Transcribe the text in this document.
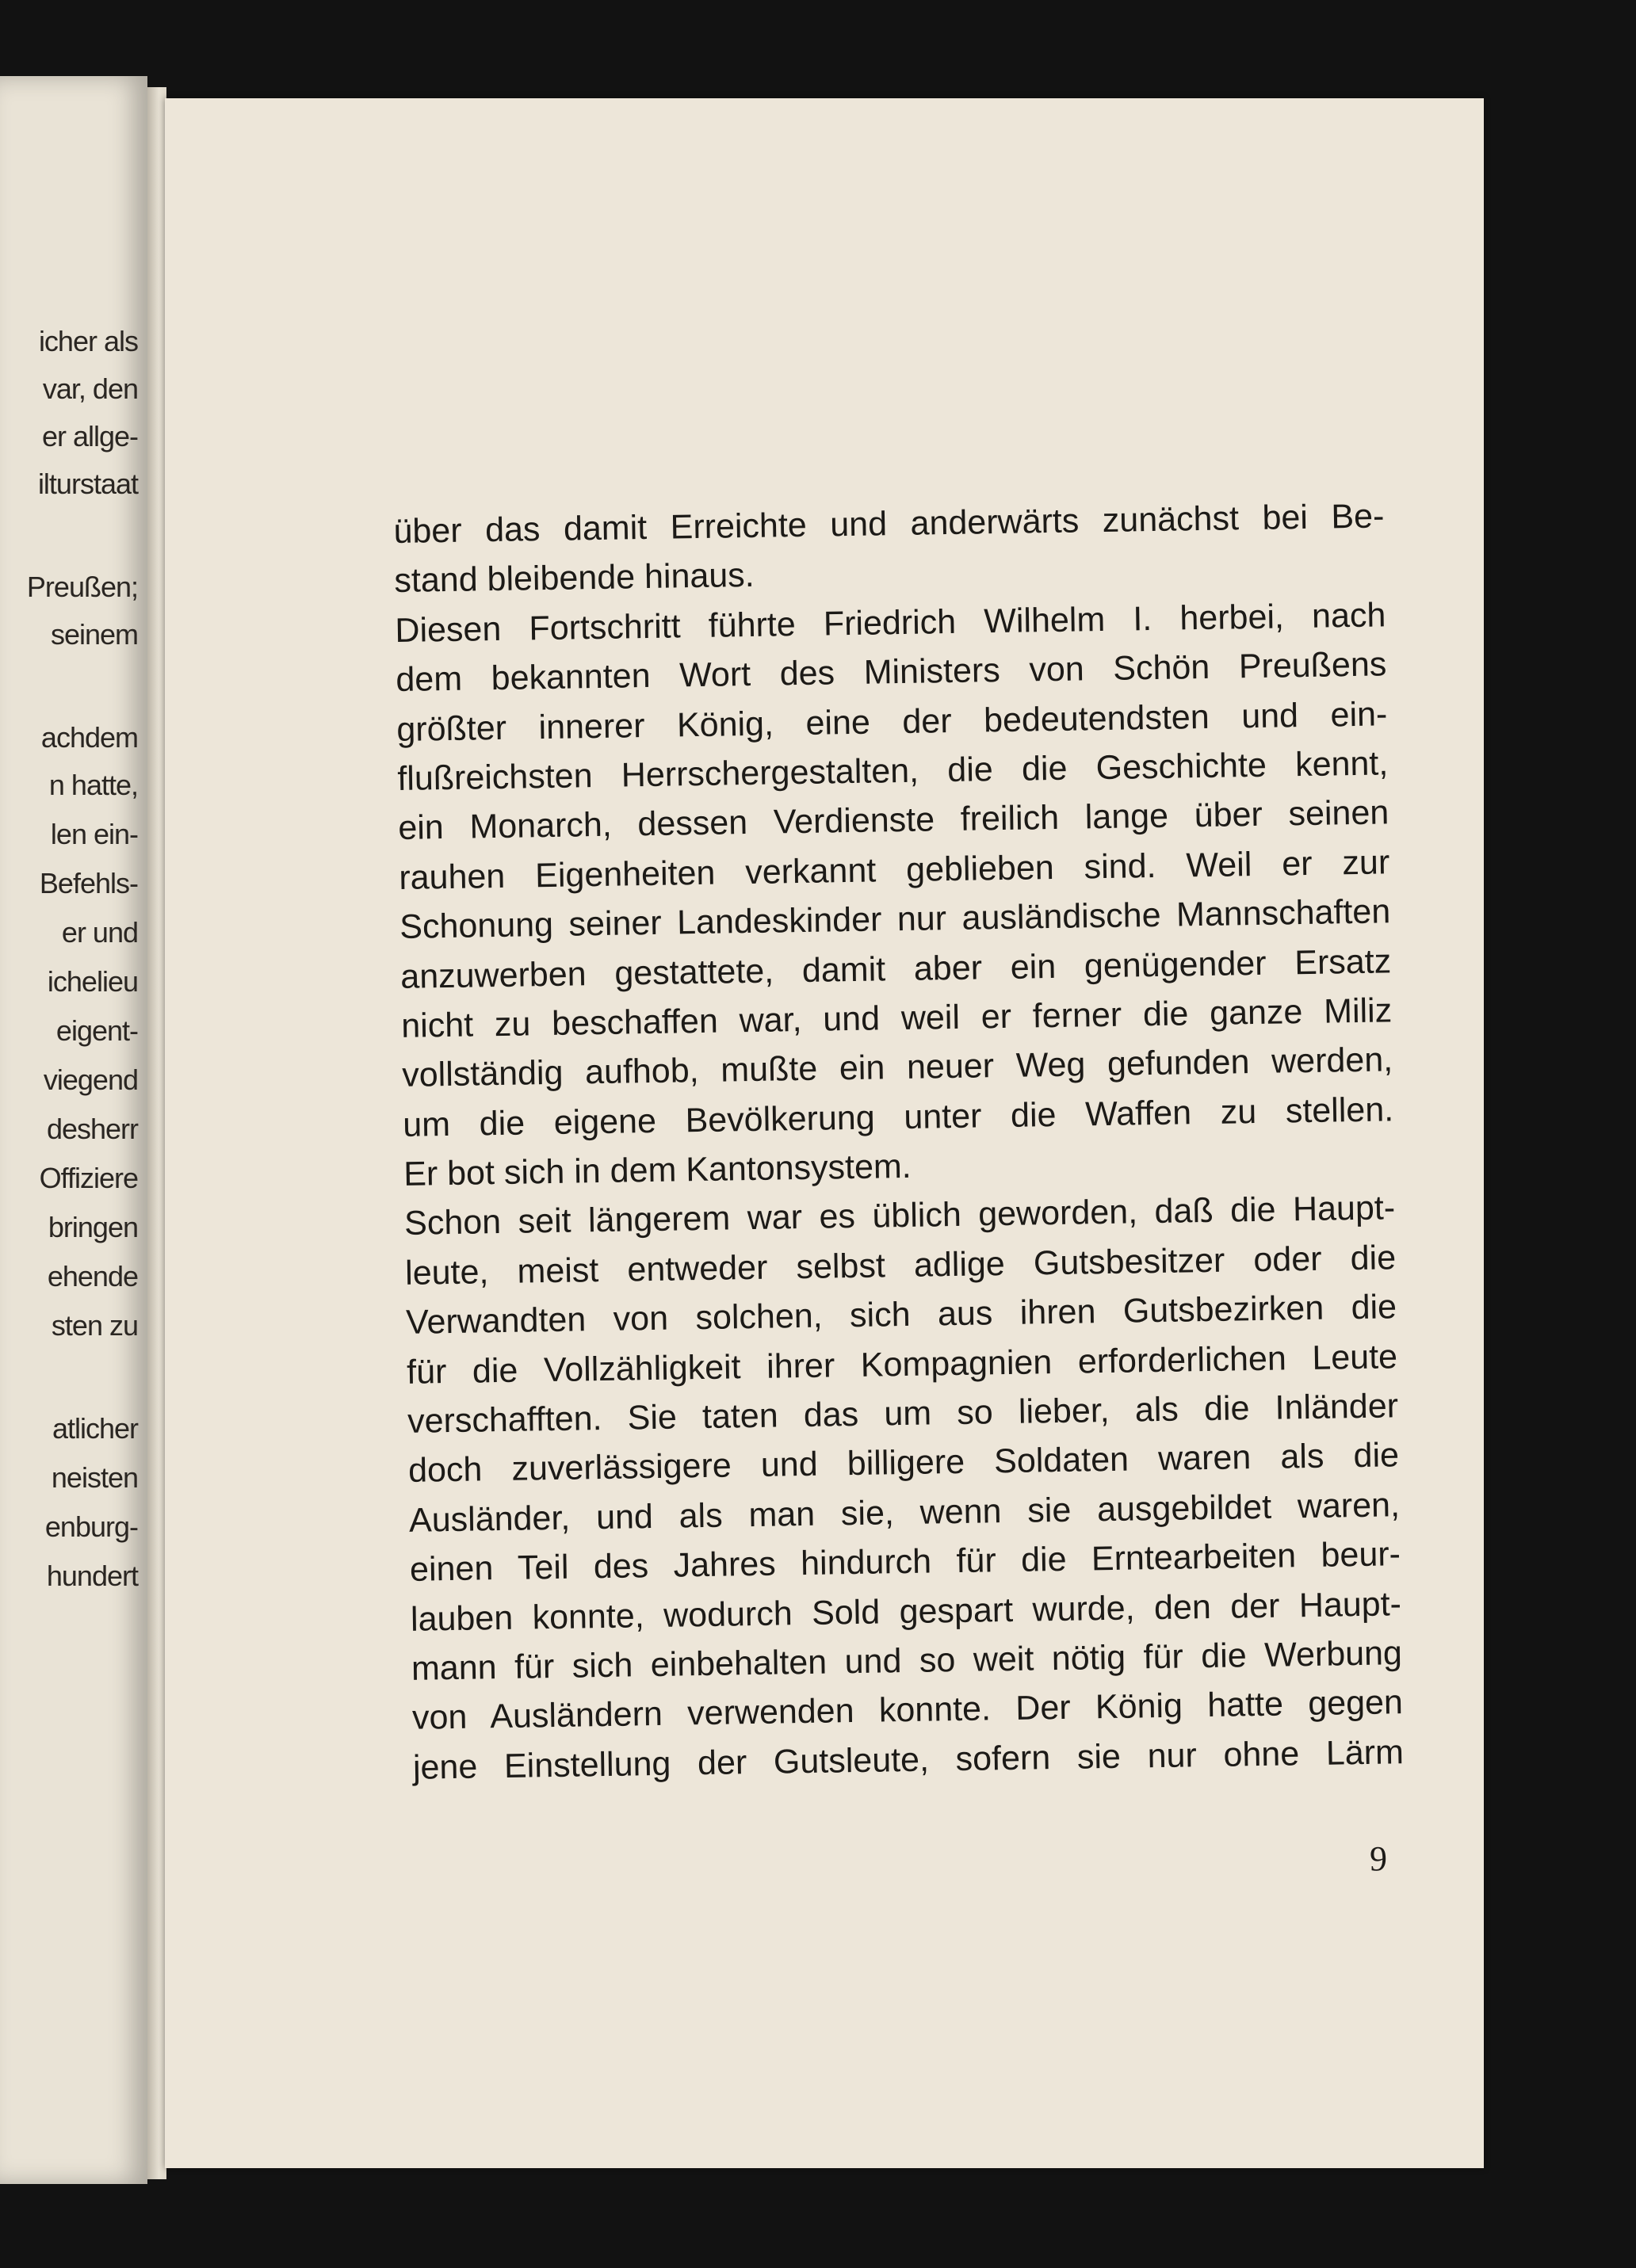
icher als
var, den
er allge-
ilturstaat
Preußen;
seinem
achdem
n hatte,
len ein-
Befehls-
er und
ichelieu
eigent-
viegend
desherr
Offiziere
bringen
ehende
sten zu
atlicher
neisten
enburg-
hundert
über das damit Erreichte und anderwärts zunächst bei Be-
stand bleibende hinaus.
Diesen Fortschritt führte Friedrich Wilhelm I. herbei, nach
dem bekannten Wort des Ministers von Schön Preußens
größter innerer König, eine der bedeutendsten und ein-
flußreichsten Herrschergestalten, die die Geschichte kennt,
ein Monarch, dessen Verdienste freilich lange über seinen
rauhen Eigenheiten verkannt geblieben sind. Weil er zur
Schonung seiner Landeskinder nur ausländische Mannschaften
anzuwerben gestattete, damit aber ein genügender Ersatz
nicht zu beschaffen war, und weil er ferner die ganze Miliz
vollständig aufhob, mußte ein neuer Weg gefunden werden,
um die eigene Bevölkerung unter die Waffen zu stellen.
Er bot sich in dem Kantonsystem.
Schon seit längerem war es üblich geworden, daß die Haupt-
leute, meist entweder selbst adlige Gutsbesitzer oder die
Verwandten von solchen, sich aus ihren Gutsbezirken die
für die Vollzähligkeit ihrer Kompagnien erforderlichen Leute
verschafften. Sie taten das um so lieber, als die Inländer
doch zuverlässigere und billigere Soldaten waren als die
Ausländer, und als man sie, wenn sie ausgebildet waren,
einen Teil des Jahres hindurch für die Erntearbeiten beur-
lauben konnte, wodurch Sold gespart wurde, den der Haupt-
mann für sich einbehalten und so weit nötig für die Werbung
von Ausländern verwenden konnte. Der König hatte gegen
jene Einstellung der Gutsleute, sofern sie nur ohne Lärm
9
